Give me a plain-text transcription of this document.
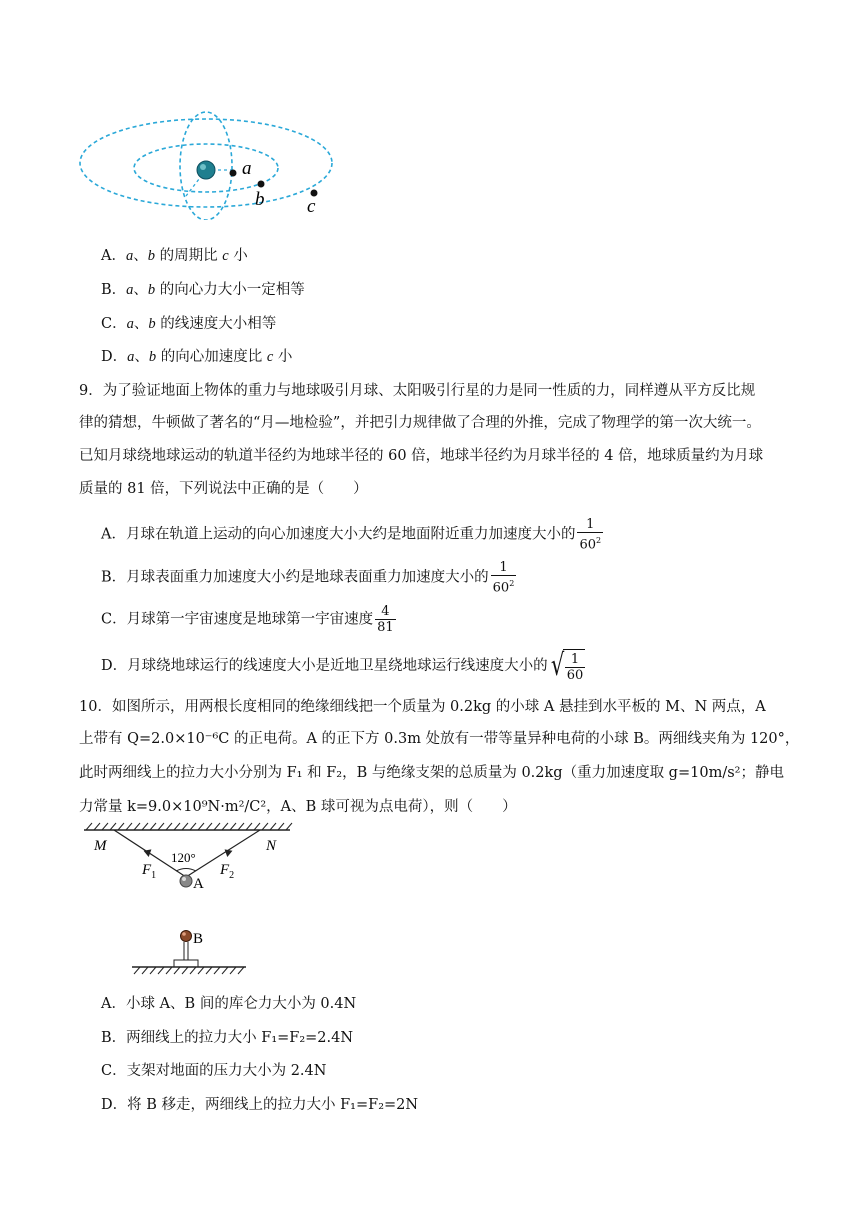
a
b c
A．a、b 的周期比 c 小
B．a、b 的向心力大小一定相等
C．a、b 的线速度大小相等
D．a、b 的向心加速度比 c 小
9．为了验证地面上物体的重力与地球吸引月球、太阳吸引行星的力是同一性质的力，同样遵从平方反比规
律的猜想，牛顿做了著名的“月—地检验”，并把引力规律做了合理的外推，完成了物理学的第一次大统一。
已知月球绕地球运动的轨道半径约为地球半径的 60 倍，地球半径约为月球半径的 4 倍，地球质量约为月球
质量的 81 倍，下列说法中正确的是（　　）
A．月球在轨道上运动的向心加速度大小大约是地面附近重力加速度大小的 $\frac{1}{60^2}$
B．月球表面重力加速度大小约是地球表面重力加速度大小的 $\frac{1}{60^2}$
C．月球第一宇宙速度是地球第一宇宙速度 $\frac{4}{81}$
D．月球绕地球运行的线速度大小是近地卫星绕地球运行线速度大小的√ $\frac{1}{60}$
10．如图所示，用两根长度相同的绝缘细线把一个质量为 0.2kg 的小球 A 悬挂到水平板的 M、N 两点，A
上带有 Q=2.0×10⁻⁶C 的正电荷。A 的正下方 0.3m 处放有一带等量异种电荷的小球 B。两细线夹角为 120°，
此时两细线上的拉力大小分别为 F₁ 和 F₂，B 与绝缘支架的总质量为 0.2kg（重力加速度取 g=10m/s²；静电
力常量 k=9.0×10⁹N·m²/C²，A、B 球可视为点电荷），则（　　）
M	N
120°
$F_1$	$F_2$
A
B
A．小球 A、B 间的库仑力大小为 0.4N
B．两细线上的拉力大小 F₁=F₂=2.4N
C．支架对地面的压力大小为 2.4N
D．将 B 移走，两细线上的拉力大小 F₁=F₂=2N
